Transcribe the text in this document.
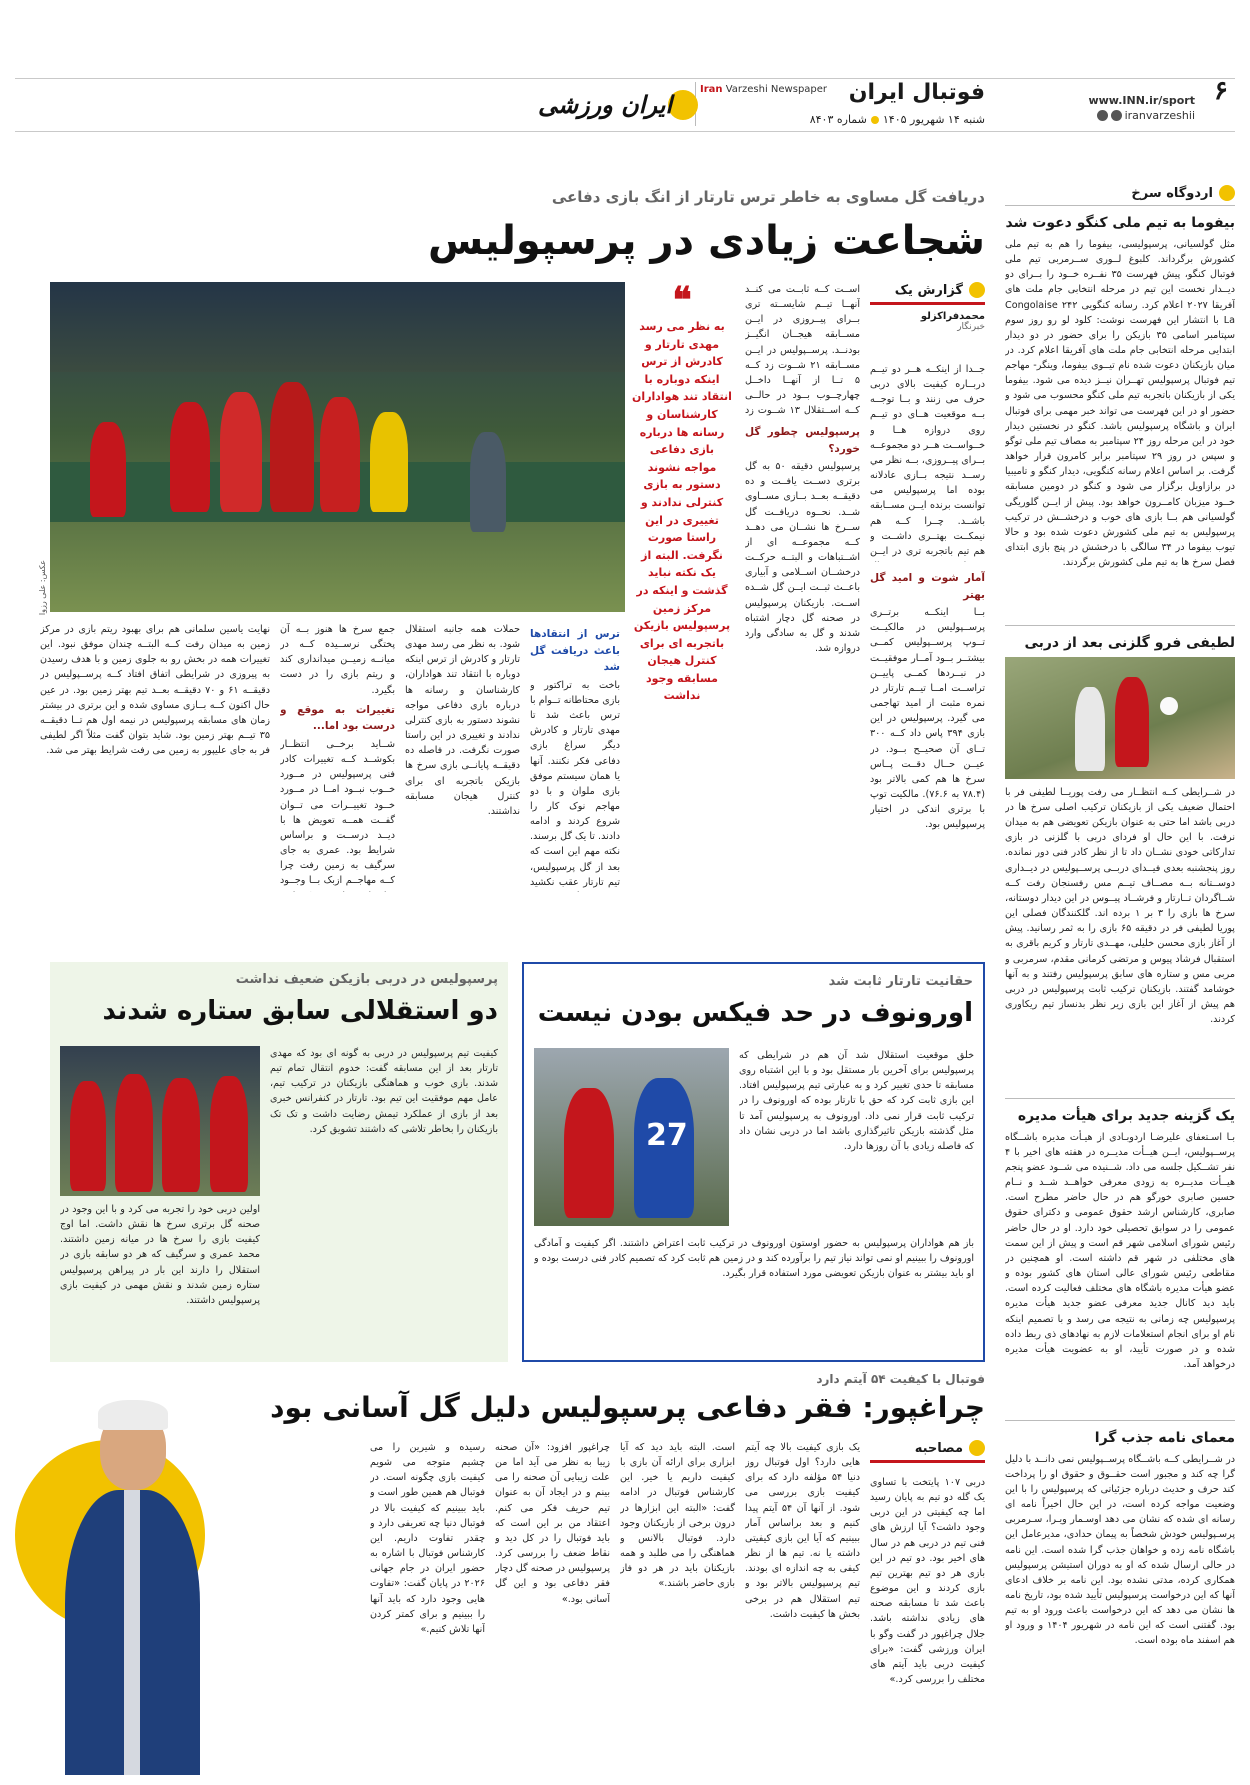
۶
www.INN.ir/sport
iranvarzeshii
فوتبال ایران
شنبه ۱۴ شهریور ۱۴۰۵
شماره ۸۴۰۳
Iran Varzeshi Newspaper
ایران ورزشی
اردوگاه سرخ
بیفوما به تیم ملی کنگو دعوت شد
مثل گولسیانی، پرسپولیسی، بیفوما را هم به تیم ملی کشورش برگرداند. کلبوغ لــوری ســرمربی تیم ملی فوتبال کنگو، پیش فهرست ۳۵ نفــره خــود را بــرای دو دیــدار نخست این تیم در مرحله انتخابی جام ملت های آفریقا ۲۰۲۷ اعلام کرد. رسانه کنگویی Congolaise ۲۴۲ La با انتشار این فهرست نوشت: کلود لو رو روز سوم سپتامبر اسامی ۳۵ بازیکن را برای حضور در دو دیدار ابتدایی مرحله انتخابی جام ملت های آفریقا اعلام کرد. در میان بازیکنان دعوت شده نام تیــوی بیفوما، وینگر- مهاجم تیم فوتبال پرسپولیس تهــران نیــز دیده می شود. بیفوما یکی از بازیکنان باتجربه تیم ملی کنگو محسوب می شود و حضور او در این فهرست می تواند خبر مهمی برای فوتبال ایران و باشگاه پرسپولیس باشد. کنگو در نخستین دیدار خود در این مرحله روز ۲۴ سپتامبر به مصاف تیم ملی توگو و سپس در روز ۲۹ سپتامبر برابر کامرون قرار خواهد گرفت. بر اساس اعلام رسانه کنگویی، دیدار کنگو و تامیبیا در برازاویل برگزار می شود و کنگو در دومین مسابقه خــود میزبان کامــرون خواهد بود. پیش از ایــن گلوریگی گولسیانی هم بــا بازی های خوب و درخشــش در ترکیب پرسپولیس به تیم ملی کشورش دعوت شده بود و حالا تیوب بیفوما در ۳۴ سالگی با درخشش در پنج بازی ابتدای فصل سرخ ها به تیم ملی کشورش برگردند.
لطیفی فرو گلزنی بعد از دربی
در شــرایطی کــه انتظــار می رفت پوریــا لطیفی فر با احتمال ضعیف یکی از بازیکنان ترکیب اصلی سرخ ها در دربی باشد اما حتی به عنوان بازیکن تعویضی هم به میدان نرفت. با این حال او فردای دربی با گلزنی در بازی تدارکاتی خودی نشــان داد تا از نظر کادر فنی دور نمانده. روز پنجشنبه بعدی فیــدای دربــی پرســپولیس در دیــداری دوســتانه بــه مصــاف تیــم مس رفسنجان رفت کــه شــاگردان تــارتار و فرشــاد پیــوس در این دیدار دوستانه، سرخ ها بازی را ۳ بر ۱ برده اند. گلکنندگان فصلی این پوریا لطیفی فر در دقیقه ۶۵ بازی را به ثمر رسانید. پیش از آغاز بازی محسن خلیلی، مهــدی تارتار و کریم باقری به استقبال فرشاد پیوس و مرتضی کرمانی مقدم، سرمربی و مربی مس و ستاره های سابق پرسپولیس رفتند و به آنها خوشامد گفتند. بازیکنان ترکیب ثابت پرسپولیس در دربی هم پیش از آغاز این بازی زیر نظر بدنساز تیم ریکاوری کردند.
یک گزینه جدید برای هیأت مدیره
بـا اسـتعفای علیرضـا اردوبـادی از هیـأت مدیره باشــگاه پرســپولیس، ایــن هیــأت مدیــره در هفته های اخیر با ۴ نفر تشــکیل جلسه می داد. شــنیده می شــود عضو پنجم هیــأت مدیــره به زودی معرفی خواهــد شــد و نــام حسین صابری خورگو هم در حال حاضر مطرح است. صابری، کارشناس ارشد حقوق عمومی و دکترای حقوق عمومی را در سوابق تحصیلی خود دارد. او در حال حاضر رئیس شورای اسلامی شهر قم است و پیش از این سمت های مختلفی در شهر قم داشته است. او همچنین در مقاطعی رئیس شورای عالی استان های کشور بوده و عضو هیأت مدیره باشگاه های مختلف فعالیت کرده است. باید دید کانال جدید معرفی عضو جدید هیأت مدیره پرسپولیس چه زمانی به نتیجه می رسد و با تصمیم اینکه نام او برای انجام استعلامات لازم به نهادهای ذی ربط داده شده و در صورت تأیید، او به عضویت هیأت مدیره درخواهد آمد.
معمای نامه جذب گرا
در شــرایطی کــه باشــگاه پرســپولیس نمی دانــد با دلیل گرا چه کند و مجبور است حقــوق و حقوق او را پرداخت کند حرف و حدیث درباره جزئیاتی که پرسپولیس را با این وضعیت مواجه کرده است، در این حال اخیراً نامه ای رسانه ای شده که نشان می دهد اوسـمار ویـرا، سـرمربی پرسـپولیس خودش شخصاً به پیمان حدادی، مدیرعامل این باشگاه نامه زده و خواهان جذب گرا شده است. این نامه در حالی ارسال شده که او به دوران استیشن پرسپولیس همکاری کرده، مدتی نشده بود. این نامه بر خلاف ادعای آنها که این درخواست پرسپولیس تأیید شده بود، تاریخ نامه ها نشان می دهد که این درخواست باعث ورود او به تیم بود. گفتنی است که این نامه در شهریور ۱۴۰۴ و ورود او هم اسفند ماه بوده است.
دریافت گل مساوی به خاطر ترس تارتار از انگ بازی دفاعی
شجاعت زیادی در پرسپولیس
گزارش یک
محمدفراکزلو
خبرنگار
جــدا از اینکــه هــر دو تیــم دربــاره کیفیت بالای دربی حرف می زنند و بــا توجــه بــه موقعیت هــای دو تیــم روی دروازه هــا و خــواســت هــر دو مجموعــه بــرای پیــروزی، بــه نظر مي رســد نتيجه بــازی عادلانه بوده اما پرسپولیس می توانست برنده ایــن مســابقه باشــد. چــرا کــه هم نیمکــت بهتــری داشــت و هم تیم باتجربه تری در ایــن
آمار شوت و امید گل بهتر
بــا اینکــه برتــری پرســپولیس در مالکیــت تــوپ پرســپولیس کمــی بیشتــر بــود آمــار موفقیــت در نبــردها کمــی پاییــن تراســت امــا تیــم تارتار در نمره مثبت از امید تهاجمی می گیرد. پرسپولیس در این بازی ۳۹۴ پاس داد کــه ۳۰۰ تــای آن صحیــح بــود. در عیــن حــال دقــت پــاس سرخ ها هم کمی بالاتر بود (۷۸.۴ به ۷۶.۶). مالکیت توپ با برتری اندکی در اختیار پرسپولیس بود.
اســت کــه ثابــت می کنــد آنهــا تیــم شایســته تری بــرای پیــروزی در ایــن مســابقه هیجــان انگیــز بودنــد. پرســپولیس در ایــن مســابقه ۲۱ شــوت زد کــه ۵ تــا از آنهــا داخــل چهارچــوب بــود در حالــی کــه اســتقلال ۱۳ شــوت زد
پرسپولیس چطور گل خورد؟
پرسپولیس دقیقه ۵۰ به گل برتری دســت یافــت و ده دقیقــه بعــد بــازی مســاوی شــد. نحــوه دریافــت گل ســرخ ها نشــان می دهــد کــه مجموعــه ای از اشــتباهات و البتــه حرکــت درخشــان اســلامی و آبیاری باعــث ثبــت ایــن گل شــده اســت. بازیکنان پرسپولیس در صحنه گل دچار اشتباه شدند و گل به سادگی وارد دروازه شد.
❝
به نظر می رسد مهدی تارتار و کادرش از ترس اینکه دوباره با انتقاد تند هواداران کارشناسان و رسانه ها درباره بازی دفاعی مواجه نشوند دستور به بازی کنترلی ندادند و تغییری در این راستا صورت نگرفت. البته از یک نکته نباید گذشت و اینکه در مرکز زمین پرسپولیس بازیکن باتجربه ای برای کنترل هیجان مسابقه وجود نداشت
عکس: علی رزوا
ترس از انتقادها باعث دریافت گل شد
باخت به تراکتور و بازی محتاطانه تــوام با ترس باعث شد تا مهدی تارتار و کادرش دیگر سراغ بازی دفاعی فکر نکنند. آنها یا همان سیستم موفق بازی ملوان و با دو مهاجم نوک کار را شروع کردند و ادامه دادند. تا یک گل برسند. نکته مهم این است که بعد از گل پرسپولیس، تیم تارتار عقب نکشید
حملات همه جانبه استقلال شود. به نظر می رسد مهدی تارتار و کادرش از ترس اینکه دوباره با انتقاد تند هواداران، کارشناسان و رسانه ها درباره بازی دفاعی مواجه نشوند دستور به بازی کنترلی ندادند و تغییری در این راستا صورت نگرفت. در فاصله ده دقیقــه پایانــی بازی سرخ ها بازیکن باتجربه ای برای کنترل هیجان مسابقه نداشتند.
جمع سرخ ها هنوز بــه آن پختگی نرســیده کــه در میانــه زمیــن میدانداری کند و ریتم بازی را در دست بگیرد.
تغییرات به موقع و درست بود اما...
شــاید برخــی انتظــار بکوشــد کــه تغییرات کادر فنی پرسپولیس در مــورد خــوب نبــود امــا در مــورد خــود تغییــرات می تــوان گفــت همــه تعویض ها با دیــد درســت و براساس شرایط بود. عمری به جای سرگیف به زمین رفت چرا کــه مهاجــم ازبک بــا وجــود
نهایت یاسین سلمانی هم برای بهبود ریتم بازی در مرکز زمین به میدان رفت کــه البتــه چندان موفق نبود. این تغییرات همه در بخش رو به جلوی زمین و با هدف رسیدن به پیروزی در شرایطی اتفاق افتاد کــه پرســپولیس در دقیقــه ۶۱ و ۷۰ دقیقــه بعــد تیم بهتر زمین بود. در عین حال اکنون کــه بــازی مساوی شده و این برتری در بیشتر زمان های مسابقه پرسپولیس در نیمه اول هم تــا دقیقــه ۳۵ تیــم بهتر زمین بود. شاید بتوان گفت مثلاً اگر لطیفی فر به جای علیپور به زمین می رفت شرایط بهتر می شد.
حقانیت تارتار ثابت شد
اورونوف در حد فیکس بودن نیست
خلق موقعیت استقلال شد آن هم در شرایطی که پرسپولیس برای آخرین بار مستقل بود و با این اشتباه روی مسابقه تا حدی تغییر کرد و به عبارتی تیم پرسپولیس افتاد. این بازی ثابت کرد که حق با تارتار بوده که اورونوف را در ترکیب ثابت قرار نمی داد. اورونوف به پرسپولیس آمد تا مثل گذشته بازیکن تاثیرگذاری باشد اما در دربی نشان داد که فاصله زیادی با آن روزها دارد.
27
باز هم هواداران پرسپولیس به حضور اوستون اورونوف در ترکیب ثابت اعتراض داشتند. اگر کیفیت و آمادگی اورونوف را ببینیم او نمی تواند نیاز تیم را برآورده کند و در زمین هم ثابت کرد که تصمیم کادر فنی درست بوده و او باید بیشتر به عنوان بازیکن تعویضی مورد استفاده قرار بگیرد.
پرسپولیس در دربی بازیکن ضعیف نداشت
دو استقلالی سابق ستاره شدند
کیفیت تیم پرسپولیس در دربی به گونه ای بود که مهدی تارتار بعد از این مسابقه گفت: خدوم انتقال تمام تیم شدند. بازی خوب و هماهنگی بازیکنان در ترکیب تیم، عامل مهم موفقیت این تیم بود. تارتار در کنفرانس خبری بعد از بازی از عملکرد تیمش رضایت داشت و تک تک بازیکنان را بخاطر تلاشی که داشتند تشویق کرد.
اولین دربی خود را تجربه می کرد و با این وجود در صحنه گل برتری سرخ ها نقش داشت. اما اوج کیفیت بازی را سرخ ها در میانه زمین داشتند. محمد عمری و سرگیف که هر دو سابقه بازی در استقلال را دارند این بار در پیراهن پرسپولیس ستاره زمین شدند و نقش مهمی در کیفیت بازی پرسپولیس داشتند.
فوتبال با کیفیت ۵۴ آیتم دارد
چراغپور: فقر دفاعی پرسپولیس دلیل گل آسانی بود
مصاحبه
دربی ۱۰۷ پایتخت با تساوی یک گله دو تیم به پایان رسید اما چه کیفیتی در این دربی وجود داشت؟ آیا ارزش های فنی تیم در دربی هم در سال های اخیر بود. دو تیم در این بازی هر دو تیم بهترین تیم بازی کردند و این موضوع باعث شد تا مسابقه صحنه های زیادی نداشته باشد. جلال چراغپور در گفت وگو با ایران ورزشی گفت: «برای کیفیت دربی باید آیتم های مختلف را بررسی کرد.»
یک بازی کیفیت بالا چه آیتم هایی دارد؟ اول فوتبال روز دنیا ۵۴ مؤلفه دارد که برای کیفیت بازی بررسی می شود. از آنها آن ۵۴ آیتم پیدا کنیم و بعد براساس آمار ببینیم که آیا این بازی کیفیتی داشته یا نه. تیم ها از نظر کیفی به چه اندازه ای بودند. تیم پرسپولیس بالاتر بود و تیم استقلال هم در برخی بخش ها کیفیت داشت.
است. البته باید دید که آیا ابزاری برای ارائه آن بازی با کیفیت داریم یا خیر. این کارشناس فوتبال در ادامه گفت: «البته این ابزارها در درون برخی از بازیکنان وجود دارد. فوتبال بالانس و هماهنگی را می طلبد و همه بازیکنان باید در هر دو فاز بازی حاضر باشند.»
چراغپور افزود: «آن صحنه زیبا به نظر می آید اما من علت زیبایی آن صحنه را می بینم و در ایجاد آن به عنوان تیم حریف فکر می کنم. اعتقاد من بر این است که باید فوتبال را در کل دید و نقاط ضعف را بررسی کرد. پرسپولیس در صحنه گل دچار فقر دفاعی بود و این گل آسانی بود.»
رسیده و شیرین را می چشیم متوجه می شویم کیفیت بازی چگونه است. در فوتبال هم همین طور است و باید ببینیم که کیفیت بالا در فوتبال دنیا چه تعریفی دارد و چقدر تفاوت داریم. این کارشناس فوتبال با اشاره به حضور ایران در جام جهانی ۲۰۲۶ در پایان گفت: «تفاوت هایی وجود دارد که باید آنها را ببینیم و برای کمتر کردن آنها تلاش کنیم.»
